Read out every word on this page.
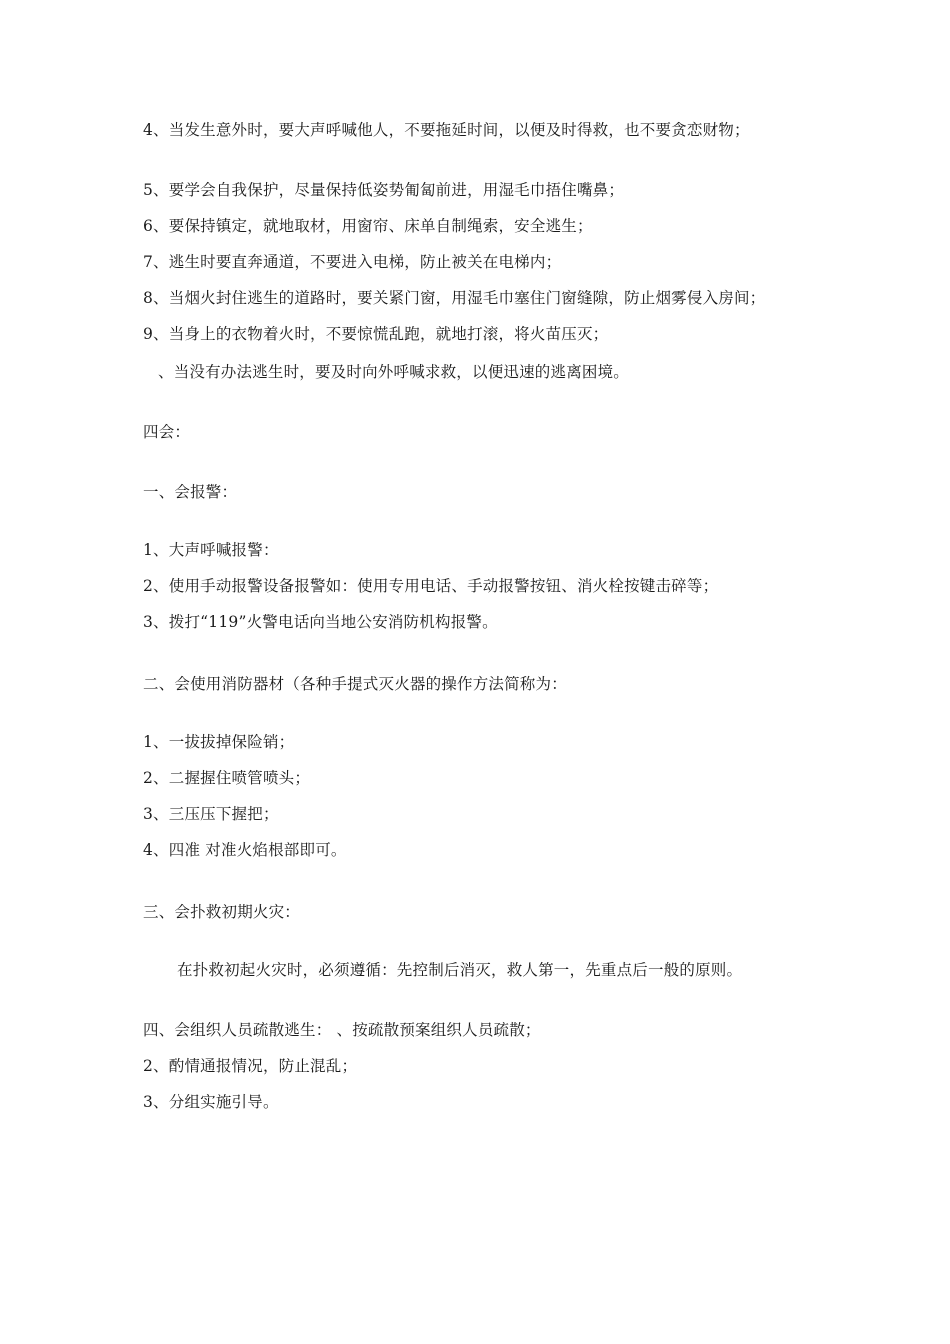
4、当发生意外时，要大声呼喊他人，不要拖延时间，以便及时得救，也不要贪恋财物；
5、要学会自我保护，尽量保持低姿势匍匐前进，用湿毛巾捂住嘴鼻；
6、要保持镇定，就地取材，用窗帘、床单自制绳索，安全逃生；
7、逃生时要直奔通道，不要进入电梯，防止被关在电梯内；
8、当烟火封住逃生的道路时，要关紧门窗，用湿毛巾塞住门窗缝隙，防止烟雾侵入房间；
9、当身上的衣物着火时，不要惊慌乱跑，就地打滚，将火苗压灭；
、当没有办法逃生时，要及时向外呼喊求救，以便迅速的逃离困境。
四会：
一、会报警：
1、大声呼喊报警：
2、使用手动报警设备报警如：使用专用电话、手动报警按钮、消火栓按键击碎等；
3、拨打“119”火警电话向当地公安消防机构报警。
二、会使用消防器材（各种手提式灭火器的操作方法简称为：
1、一拔拔掉保险销；
2、二握握住喷管喷头；
3、三压压下握把；
4、四准 对准火焰根部即可。
三、会扑救初期火灾：
在扑救初起火灾时，必须遵循：先控制后消灭，救人第一，先重点后一般的原则。
四、会组织人员疏散逃生： 、按疏散预案组织人员疏散；
2、酌情通报情况，防止混乱；
3、分组实施引导。
